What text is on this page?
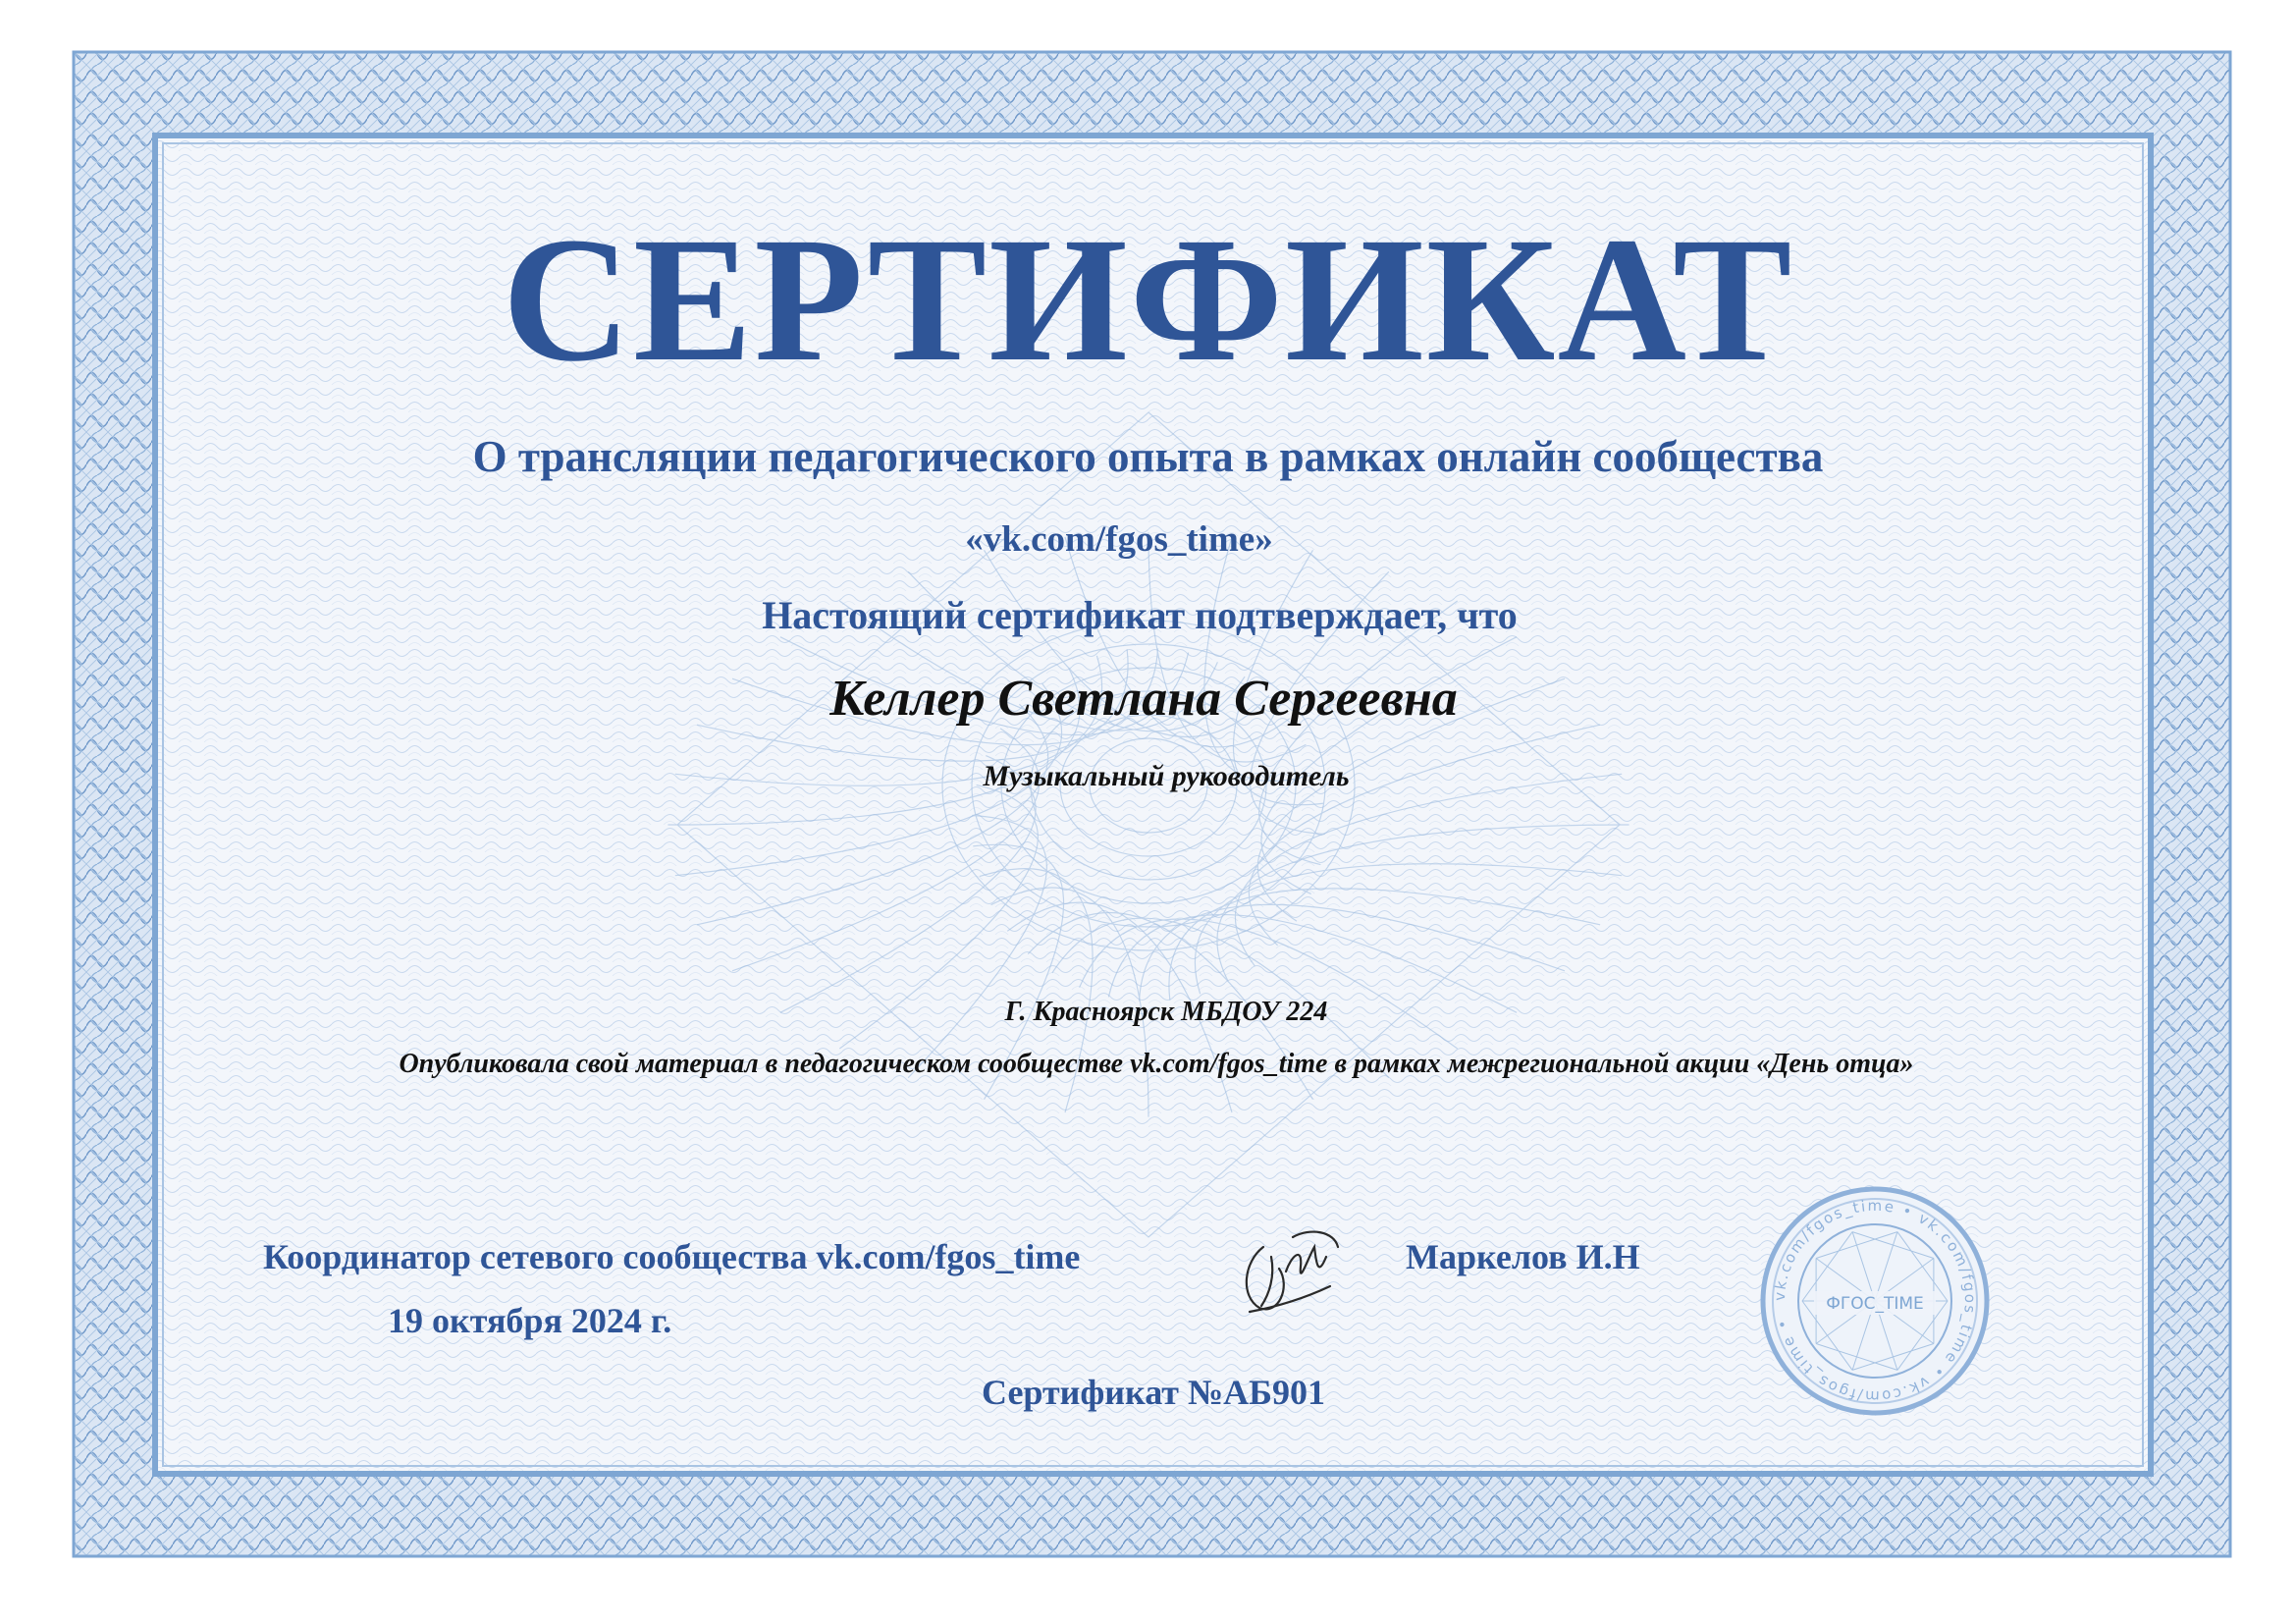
СЕРТИФИКАТ

О трансляции педагогического опыта в рамках онлайн сообщества

«vk.com/fgos_time»

Настоящий сертификат подтверждает, что

Келлер Светлана Сергеевна

Музыкальный руководитель

Г. Красноярск МБДОУ 224

Опубликовала свой материал в педагогическом сообществе vk.com/fgos_time в рамках межрегиональной акции «День отца»

Координатор сетевого сообщества vk.com/fgos_time	Маркелов И.Н

19 октября 2024 г.

Сертификат №АБ901

vk.com/fgos_time • vk.com/fgos_time • vk.com/fgos_time •
ФГОС_TIME
